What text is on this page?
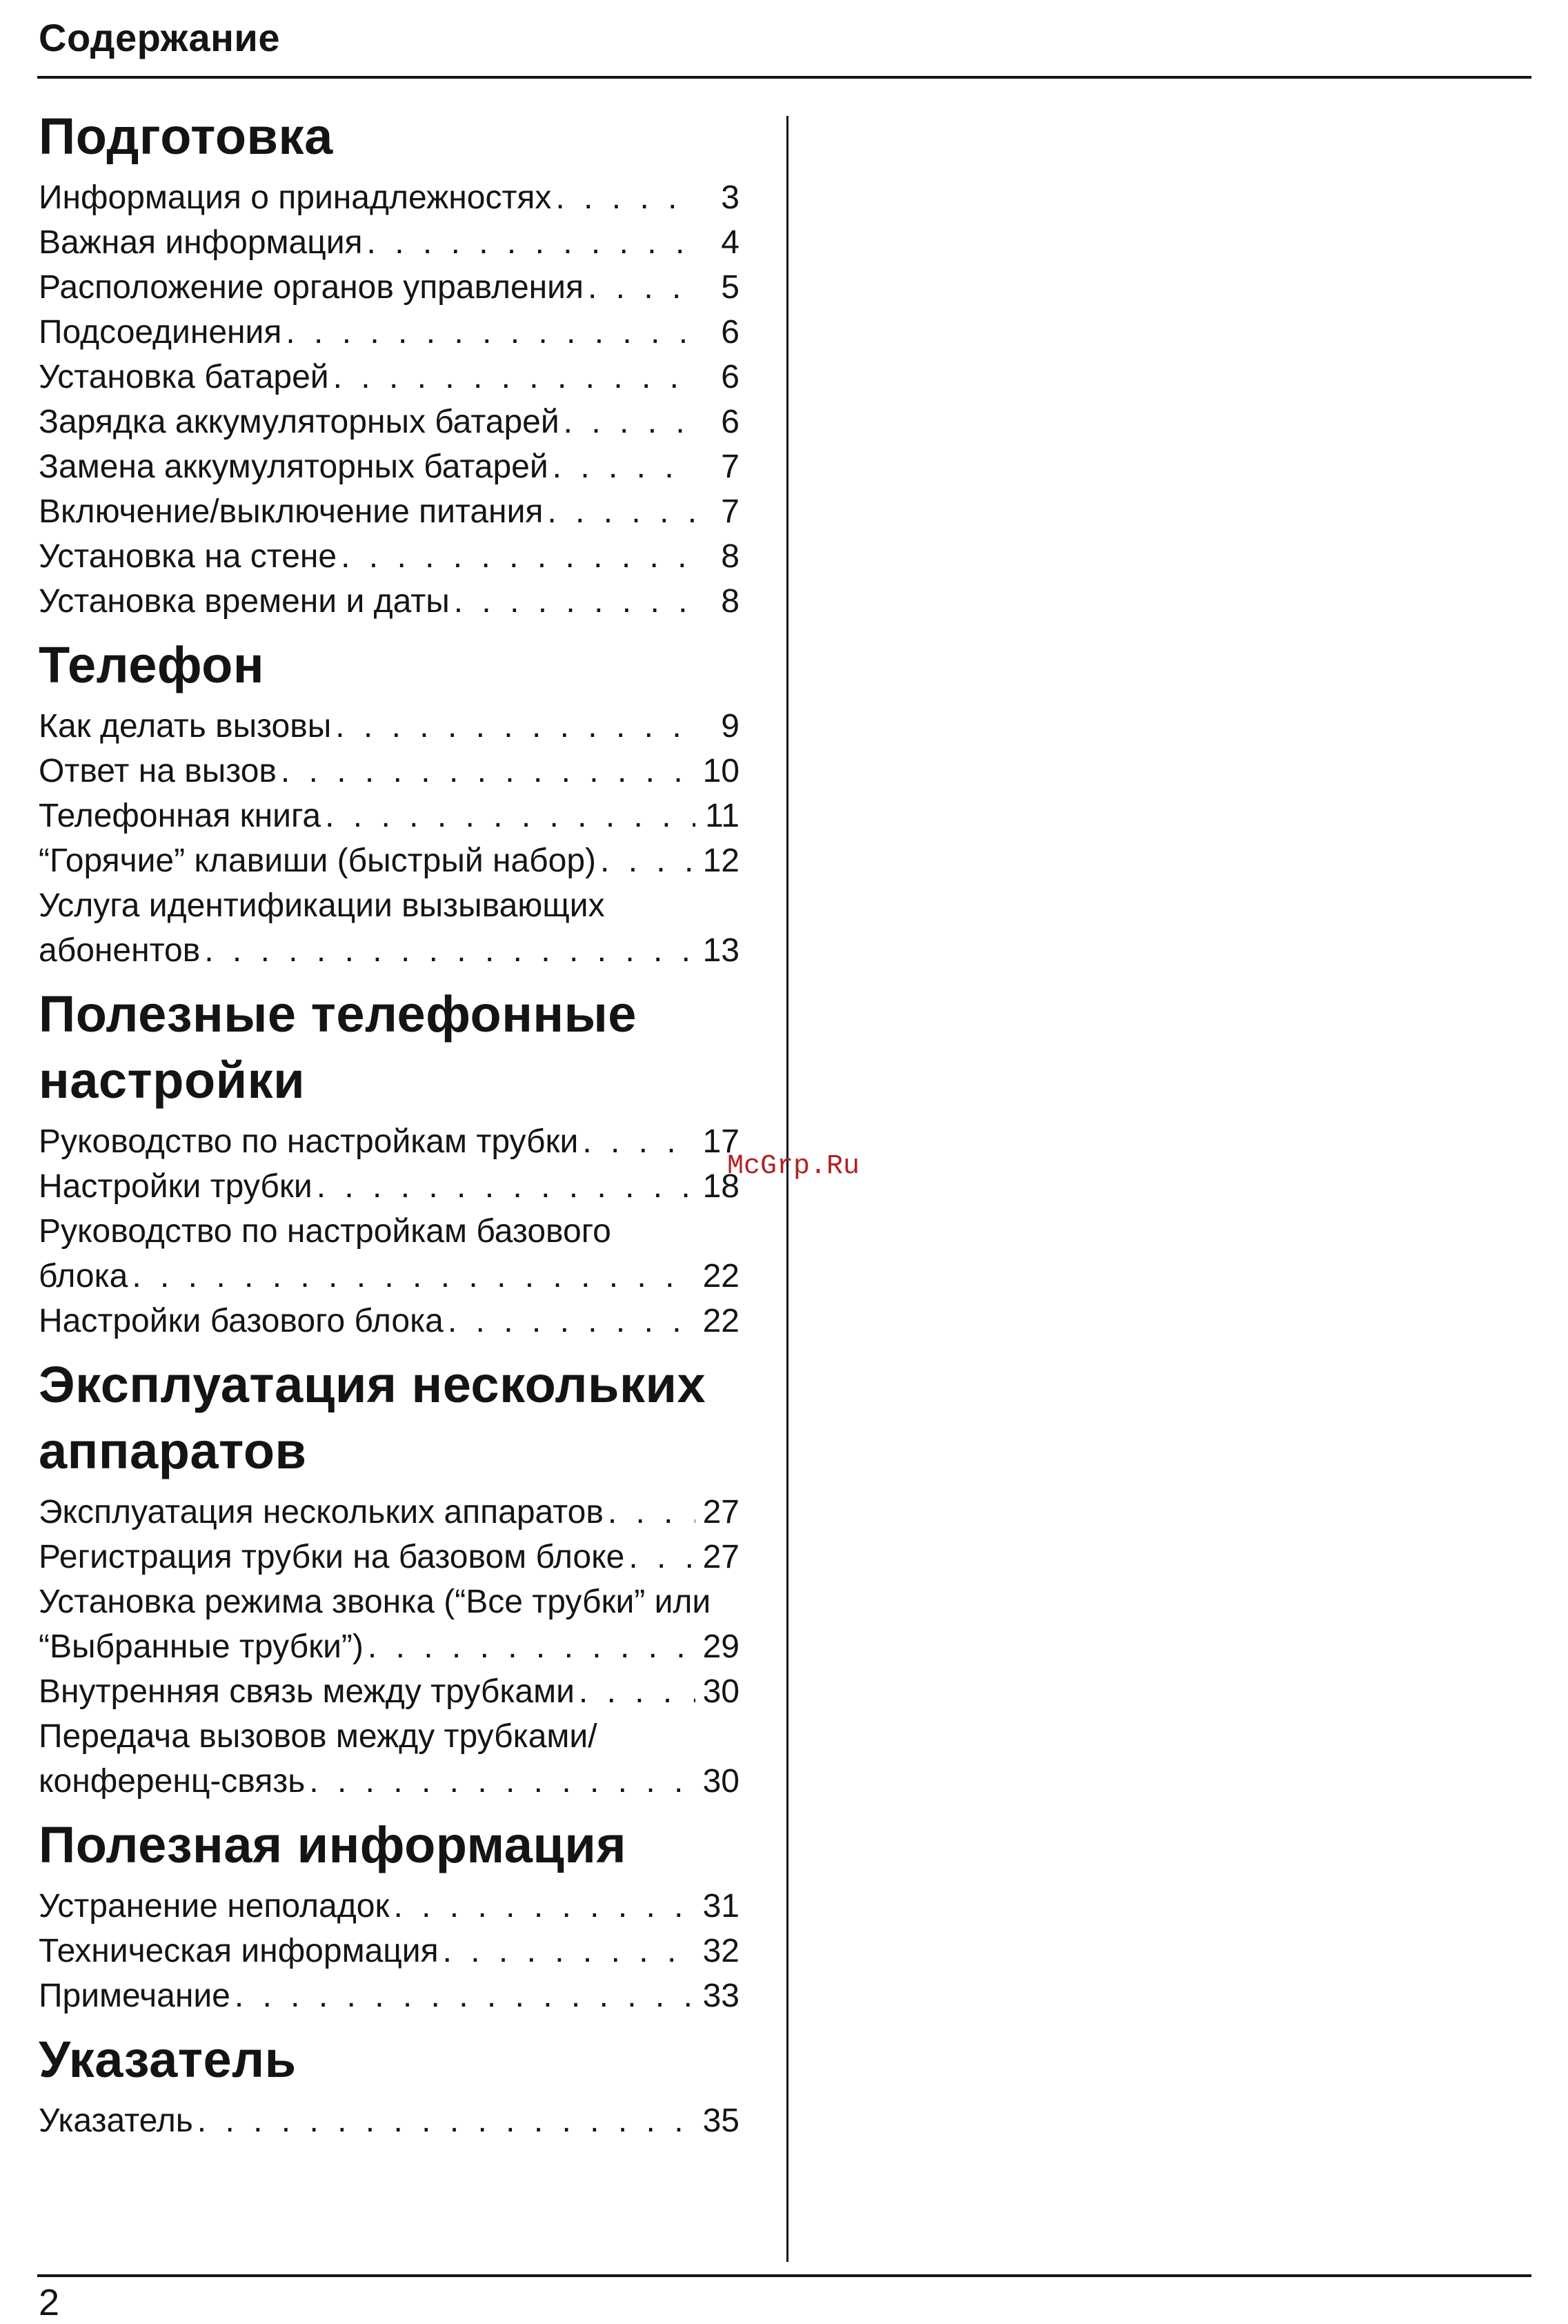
Содержание
Подготовка
Информация о принадлежностях . . .	3
Важная информация . . .	4
Расположение органов управления . . .	5
Подсоединения . . .	6
Установка батарей . . .	6
Зарядка аккумуляторных батарей . . .	6
Замена аккумуляторных батарей . . .	7
Включение/выключение питания . . .	7
Установка на стене . . .	8
Установка времени и даты . . .	8
Телефон
Как делать вызовы . . .	9
Ответ на вызов . . .	10
Телефонная книга . . .	11
“Горячие” клавиши (быстрый набор) . . .	12
Услуга идентификации вызывающих
абонентов . . .	13
Полезные телефонные
настройки
Руководство по настройкам трубки . . .	17
Настройки трубки . . .	18
Руководство по настройкам базового
блока . . .	22
Настройки базового блока . . .	22
Эксплуатация нескольких
аппаратов
Эксплуатация нескольких аппаратов . . .	27
Регистрация трубки на базовом блоке . . . 27
Установка режима звонка (“Все трубки” или
“Выбранные трубки”) . . .	29
Внутренняя связь между трубками . . .	30
Передача вызовов между трубками/
конференц-связь . . .	30
Полезная информация
Устранение неполадок . . .	31
Техническая информация . . .	32
Примечание . . .	33
Указатель
Указатель . . .	35
McGrp.Ru
2
